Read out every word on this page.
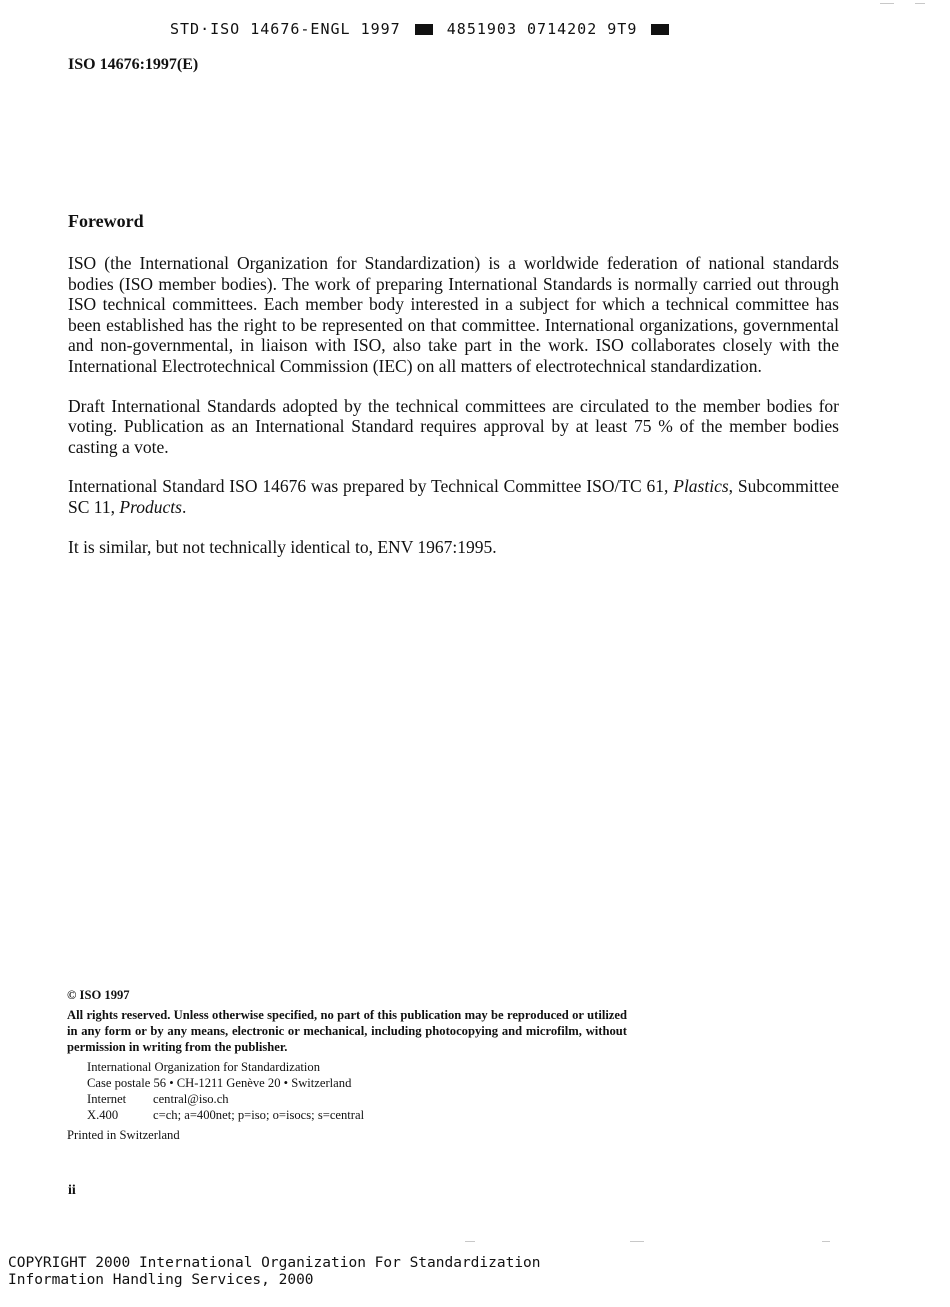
STD·ISO 14676-ENGL 1997	4851903 0714202 9T9
ISO 14676:1997(E)
Foreword

ISO (the International Organization for Standardization) is a worldwide federation of national standards bodies (ISO member bodies). The work of preparing International Standards is normally carried out through ISO technical committees. Each member body interested in a subject for which a technical committee has been established has the right to be represented on that committee. International organizations, governmental and non-governmental, in liaison with ISO, also take part in the work. ISO collaborates closely with the International Electrotechnical Commission (IEC) on all matters of electrotechnical standardization.

Draft International Standards adopted by the technical committees are circulated to the member bodies for voting. Publication as an International Standard requires approval by at least 75 % of the member bodies casting a vote.

International Standard ISO 14676 was prepared by Technical Committee ISO/TC 61, Plastics, Subcommittee SC 11, Products.

It is similar, but not technically identical to, ENV 1967:1995.

© ISO 1997
All rights reserved. Unless otherwise specified, no part of this publication may be reproduced or utilized in any form or by any means, electronic or mechanical, including photocopying and microfilm, without permission in writing from the publisher.
International Organization for Standardization
Case postale 56 • CH-1211 Genève 20 • Switzerland
Internet central@iso.ch
X.400	c=ch; a=400net; p=iso; o=isocs; s=central
Printed in Switzerland
ii
COPYRIGHT 2000 International Organization For Standardization
Information Handling Services, 2000
